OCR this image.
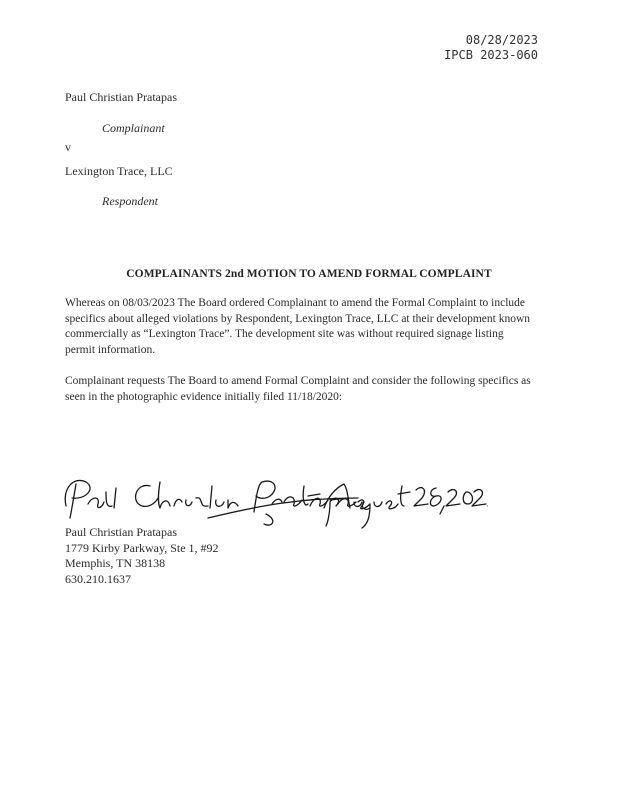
08/28/2023
IPCB 2023-060
Paul Christian Pratapas
Complainant
v
Lexington Trace, LLC
Respondent
COMPLAINANTS 2nd MOTION TO AMEND FORMAL COMPLAINT

Whereas on 08/03/2023 The Board ordered Complainant to amend the Formal Complaint to include specifics about alleged violations by Respondent, Lexington Trace, LLC at their development known commercially as “Lexington Trace”. The development site was without required signage listing permit information.

Complainant requests The Board to amend Formal Complaint and consider the following specifics as seen in the photographic evidence initially filed 11/18/2020:

Paul Christian Pratapas
1779 Kirby Parkway, Ste 1, #92
Memphis, TN 38138
630.210.1637
